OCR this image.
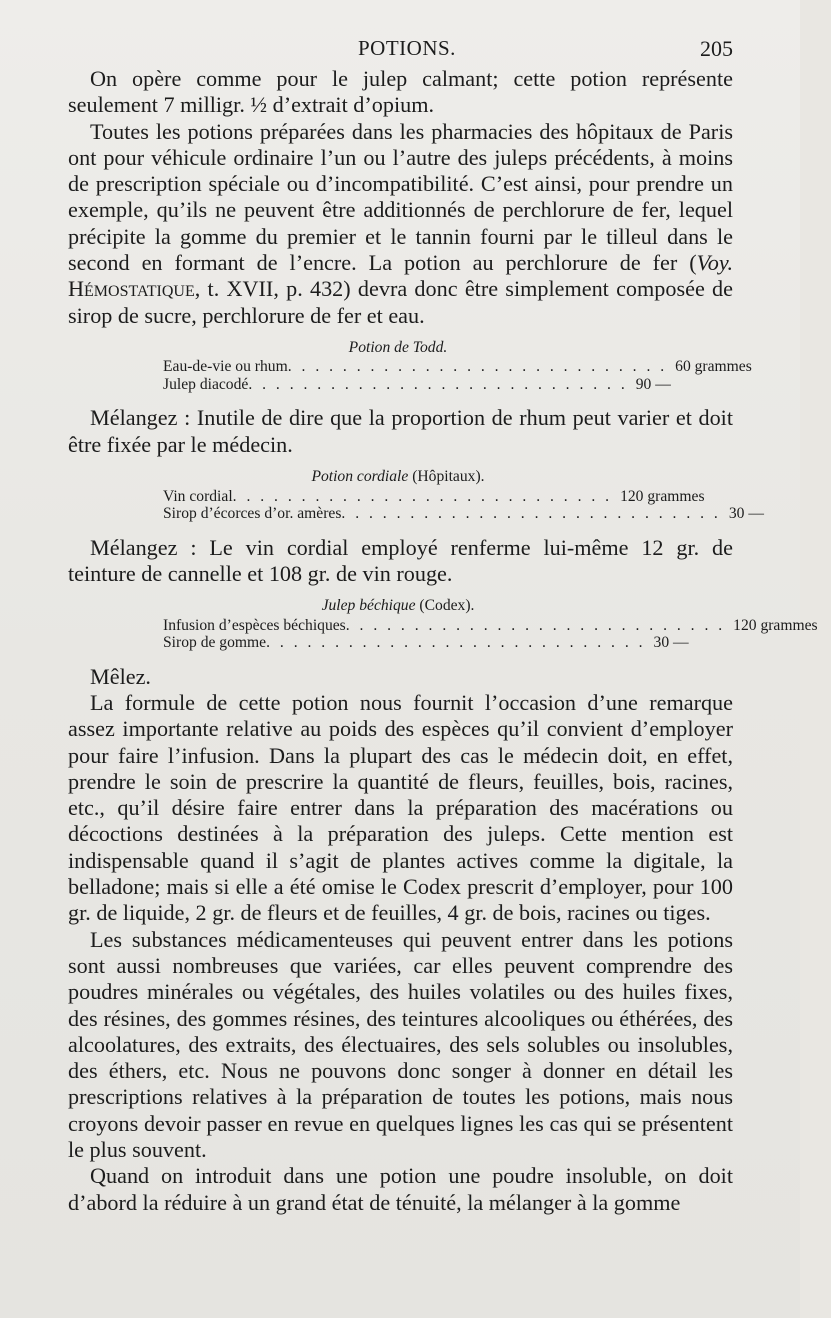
POTIONS.	205

On opère comme pour le julep calmant; cette potion représente seulement 7 milligr. ½ d’extrait d’opium.

Toutes les potions préparées dans les pharmacies des hôpitaux de Paris ont pour véhicule ordinaire l’un ou l’autre des juleps précédents, à moins de prescription spéciale ou d’incompatibilité. C’est ainsi, pour prendre un exemple, qu’ils ne peuvent être additionnés de perchlorure de fer, lequel précipite la gomme du premier et le tannin fourni par le tilleul dans le second en formant de l’encre. La potion au perchlorure de fer (Voy. Hémostatique, t. XVII, p. 432) devra donc être simplement composée de sirop de sucre, perchlorure de fer et eau.

Potion de Todd.
Eau-de-vie ou rhum . . . . . . . . . . . . . . . . . . . . . . . . . . . . 60 grammes
Julep diacodé . . . . . . . . . . . . . . . . . . . . . . . . . . . . 90 —

Mélangez : Inutile de dire que la proportion de rhum peut varier et doit être fixée par le médecin.

Potion cordiale (Hôpitaux).
Vin cordial . . . . . . . . . . . . . . . . . . . . . . . . . . . . 120 grammes
Sirop d’écorces d’or. amères . . . . . . . . . . . . . . . . . . . . . . . . . . . . 30 —

Mélangez : Le vin cordial employé renferme lui-même 12 gr. de teinture de cannelle et 108 gr. de vin rouge.

Julep béchique (Codex).
Infusion d’espèces béchiques . . . . . . . . . . . . . . . . . . . . . . . . . . . . 120 grammes
Sirop de gomme . . . . . . . . . . . . . . . . . . . . . . . . . . . . 30 —

Mêlez.

La formule de cette potion nous fournit l’occasion d’une remarque assez importante relative au poids des espèces qu’il convient d’employer pour faire l’infusion. Dans la plupart des cas le médecin doit, en effet, prendre le soin de prescrire la quantité de fleurs, feuilles, bois, racines, etc., qu’il désire faire entrer dans la préparation des macérations ou décoctions destinées à la préparation des juleps. Cette mention est indispensable quand il s’agit de plantes actives comme la digitale, la belladone; mais si elle a été omise le Codex prescrit d’employer, pour 100 gr. de liquide, 2 gr. de fleurs et de feuilles, 4 gr. de bois, racines ou tiges.

Les substances médicamenteuses qui peuvent entrer dans les potions sont aussi nombreuses que variées, car elles peuvent comprendre des poudres minérales ou végétales, des huiles volatiles ou des huiles fixes, des résines, des gommes résines, des teintures alcooliques ou éthérées, des alcoolatures, des extraits, des électuaires, des sels solubles ou insolubles, des éthers, etc. Nous ne pouvons donc songer à donner en détail les prescriptions relatives à la préparation de toutes les potions, mais nous croyons devoir passer en revue en quelques lignes les cas qui se présentent le plus souvent.

Quand on introduit dans une potion une poudre insoluble, on doit d’abord la réduire à un grand état de ténuité, la mélanger à la gomme
